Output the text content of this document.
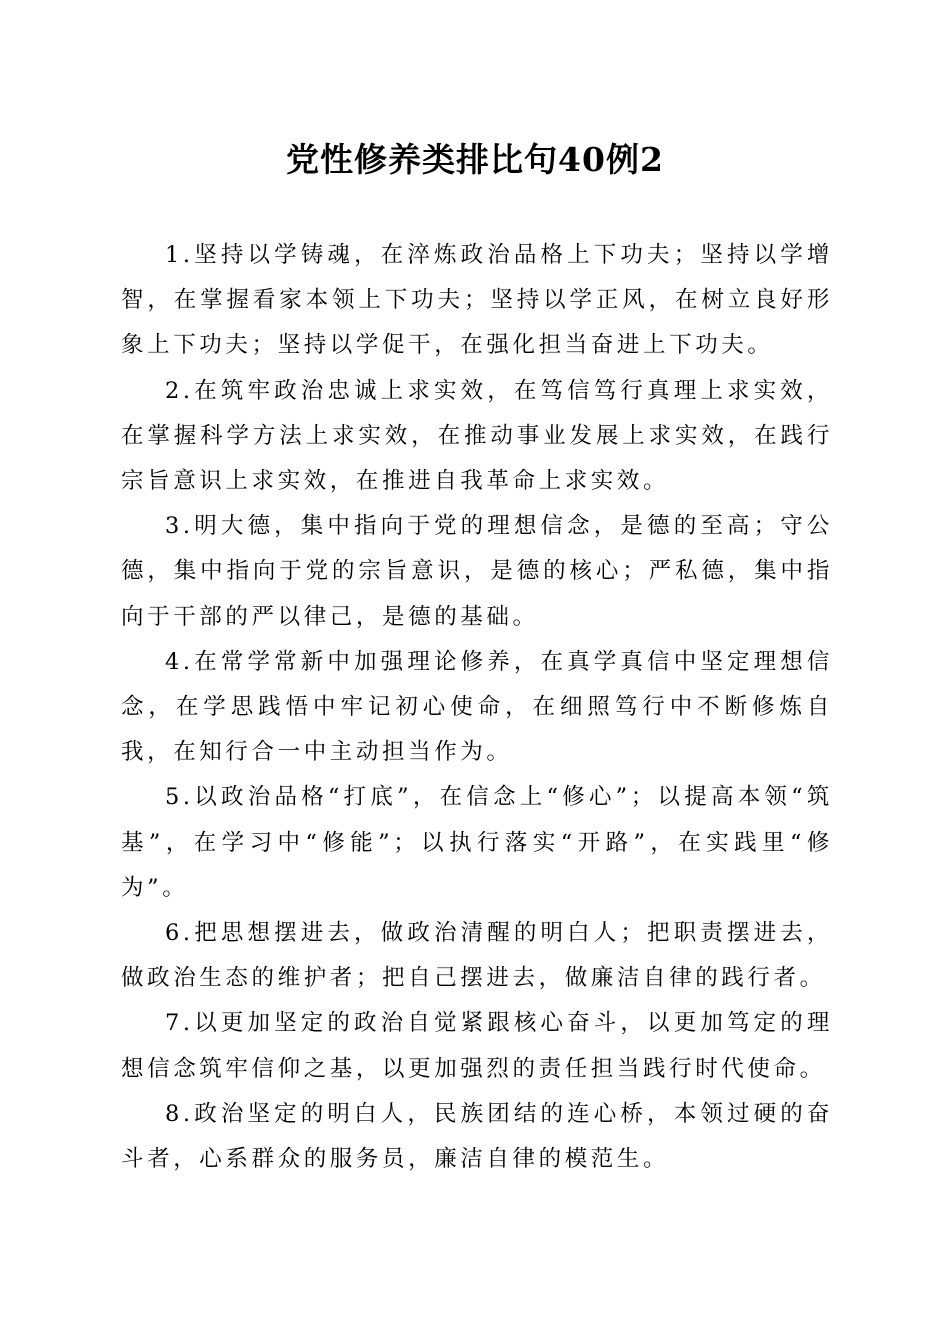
党性修养类排比句40例2

1.坚持以学铸魂，在淬炼政治品格上下功夫；坚持以学增智，在掌握看家本领上下功夫；坚持以学正风，在树立良好形象上下功夫；坚持以学促干，在强化担当奋进上下功夫。

2.在筑牢政治忠诚上求实效，在笃信笃行真理上求实效，在掌握科学方法上求实效，在推动事业发展上求实效，在践行宗旨意识上求实效，在推进自我革命上求实效。

3.明大德，集中指向于党的理想信念，是德的至高；守公德，集中指向于党的宗旨意识，是德的核心；严私德，集中指向于干部的严以律己，是德的基础。

4.在常学常新中加强理论修养，在真学真信中坚定理想信念，在学思践悟中牢记初心使命，在细照笃行中不断修炼自我，在知行合一中主动担当作为。

5.以政治品格“打底”，在信念上“修心”；以提高本领“筑基”，在学习中“修能”；以执行落实“开路”，在实践里“修为”。

6.把思想摆进去，做政治清醒的明白人；把职责摆进去，做政治生态的维护者；把自己摆进去，做廉洁自律的践行者。

7.以更加坚定的政治自觉紧跟核心奋斗，以更加笃定的理想信念筑牢信仰之基，以更加强烈的责任担当践行时代使命。

8.政治坚定的明白人，民族团结的连心桥，本领过硬的奋斗者，心系群众的服务员，廉洁自律的模范生。
